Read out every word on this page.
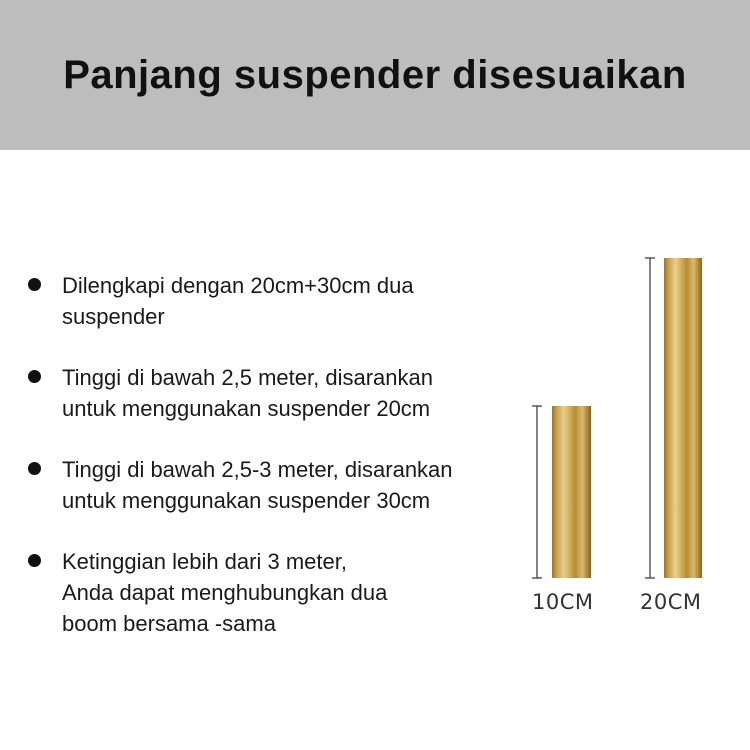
Panjang suspender disesuaikan
Dilengkapi dengan 20cm+30cm dua
suspender
Tinggi di bawah 2,5 meter, disarankan
untuk menggunakan suspender 20cm
Tinggi di bawah 2,5-3 meter, disarankan
untuk menggunakan suspender 30cm
Ketinggian lebih dari 3 meter,
Anda dapat menghubungkan dua
boom bersama -sama
10CM 20CM
